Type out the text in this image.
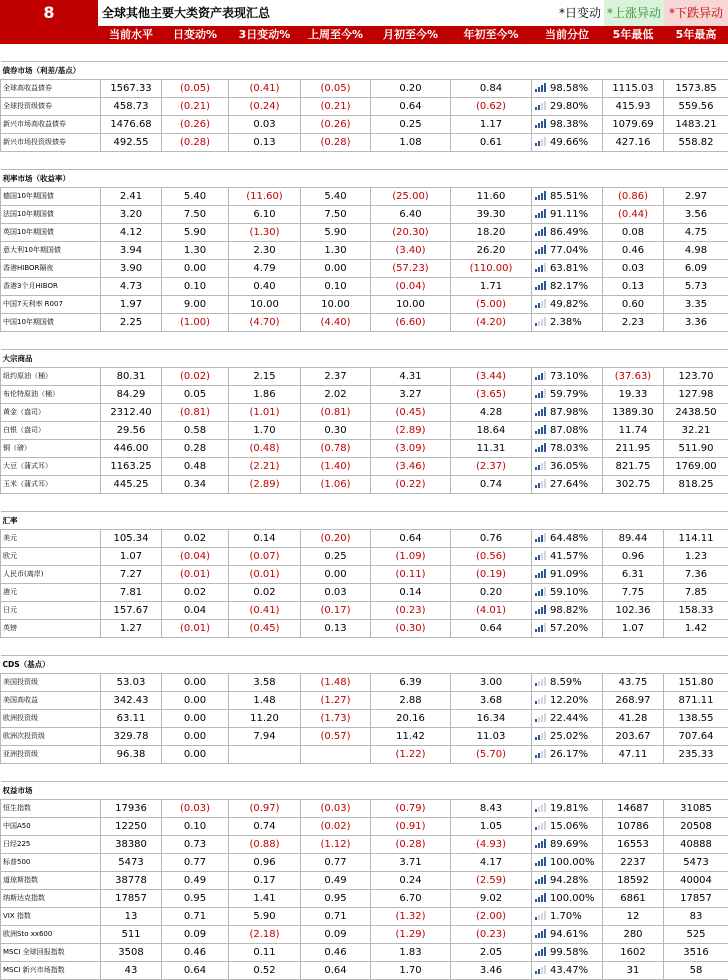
8	全球其他主要大类资产表现汇总	*日变动 *上涨异动 *下跌异动
	当前水平	日变动%	3日变动%	上周至今%	月初至今%	年初至今%	当前分位	5年最低	5年最高

债券市场（利差/基点）									
全球高收益债券	1567.33	(0.05)	(0.41)	(0.05)	0.20	0.84	98.58%	1115.03	1573.85
全球投资级债券	458.73	(0.21)	(0.24)	(0.21)	0.64	(0.62)	29.80%	415.93	559.56
新兴市场高收益债券	1476.68	(0.26)	0.03	(0.26)	0.25	1.17	98.38%	1079.69	1483.21
新兴市场投资级债券	492.55	(0.28)	0.13	(0.28)	1.08	0.61	49.66%	427.16	558.82

利率市场（收益率）									
德国10年期国债	2.41	5.40	(11.60)	5.40	(25.00)	11.60	85.51%	(0.86)	2.97
法国10年期国债	3.20	7.50	6.10	7.50	6.40	39.30	91.11%	(0.44)	3.56
英国10年期国债	4.12	5.90	(1.30)	5.90	(20.30)	18.20	86.49%	0.08	4.75
意大利10年期国债	3.94	1.30	2.30	1.30	(3.40)	26.20	77.04%	0.46	4.98
香港HIBOR隔夜	3.90	0.00	4.79	0.00	(57.23)	(110.00)	63.81%	0.03	6.09
香港3个月HIBOR	4.73	0.10	0.40	0.10	(0.04)	1.71	82.17%	0.13	5.73
中国7天利率 R007	1.97	9.00	10.00	10.00	10.00	(5.00)	49.82%	0.60	3.35
中国10年期国债	2.25	(1.00)	(4.70)	(4.40)	(6.60)	(4.20)	2.38%	2.23	3.36

大宗商品									
纽约原油（桶）	80.31	(0.02)	2.15	2.37	4.31	(3.44)	73.10%	(37.63)	123.70
布伦特原油（桶）	84.29	0.05	1.86	2.02	3.27	(3.65)	59.79%	19.33	127.98
黄金（盎司）	2312.40	(0.81)	(1.01)	(0.81)	(0.45)	4.28	87.98%	1389.30	2438.50
白银（盎司）	29.56	0.58	1.70	0.30	(2.89)	18.64	87.08%	11.74	32.21
铜（磅）	446.00	0.28	(0.48)	(0.78)	(3.09)	11.31	78.03%	211.95	511.90
大豆（蒲式耳）	1163.25	0.48	(2.21)	(1.40)	(3.46)	(2.37)	36.05%	821.75	1769.00
玉米（蒲式耳）	445.25	0.34	(2.89)	(1.06)	(0.22)	0.74	27.64%	302.75	818.25

汇率									
美元	105.34	0.02	0.14	(0.20)	0.64	0.76	64.48%	89.44	114.11
欧元	1.07	(0.04)	(0.07)	0.25	(1.09)	(0.56)	41.57%	0.96	1.23
人民币(离岸)	7.27	(0.01)	(0.01)	0.00	(0.11)	(0.19)	91.09%	6.31	7.36
港元	7.81	0.02	0.02	0.03	0.14	0.20	59.10%	7.75	7.85
日元	157.67	0.04	(0.41)	(0.17)	(0.23)	(4.01)	98.82%	102.36	158.33
英镑	1.27	(0.01)	(0.45)	0.13	(0.30)	0.64	57.20%	1.07	1.42

CDS（基点）									
美国投资级	53.03	0.00	3.58	(1.48)	6.39	3.00	8.59%	43.75	151.80
美国高收益	342.43	0.00	1.48	(1.27)	2.88	3.68	12.20%	268.97	871.11
欧洲投资级	63.11	0.00	11.20	(1.73)	20.16	16.34	22.44%	41.28	138.55
欧洲次投资级	329.78	0.00	7.94	(0.57)	11.42	11.03	25.02%	203.67	707.64
亚洲投资级	96.38	0.00			(1.22)	(5.70)	26.17%	47.11	235.33

权益市场									
恒生指数	17936	(0.03)	(0.97)	(0.03)	(0.79)	8.43	19.81%	14687	31085
中国A50	12250	0.10	0.74	(0.02)	(0.91)	1.05	15.06%	10786	20508
日经225	38380	0.73	(0.88)	(1.12)	(0.28)	(4.93)	89.69%	16553	40888
标普500	5473	0.77	0.96	0.77	3.71	4.17	100.00%	2237	5473
道琼斯指数	38778	0.49	0.17	0.49	0.24	(2.59)	94.28%	18592	40004
纳斯达克指数	17857	0.95	1.41	0.95	6.70	9.02	100.00%	6861	17857
VIX 指数	13	0.71	5.90	0.71	(1.32)	(2.00)	1.70%	12	83
欧洲Sto xx600	511	0.09	(2.18)	0.09	(1.29)	(0.23)	94.61%	280	525
MSCI 全球回报指数	3508	0.46	0.11	0.46	1.83	2.05	99.58%	1602	3516
MSCI 新兴市场指数	43	0.64	0.52	0.64	1.70	3.46	43.47%	31	58
